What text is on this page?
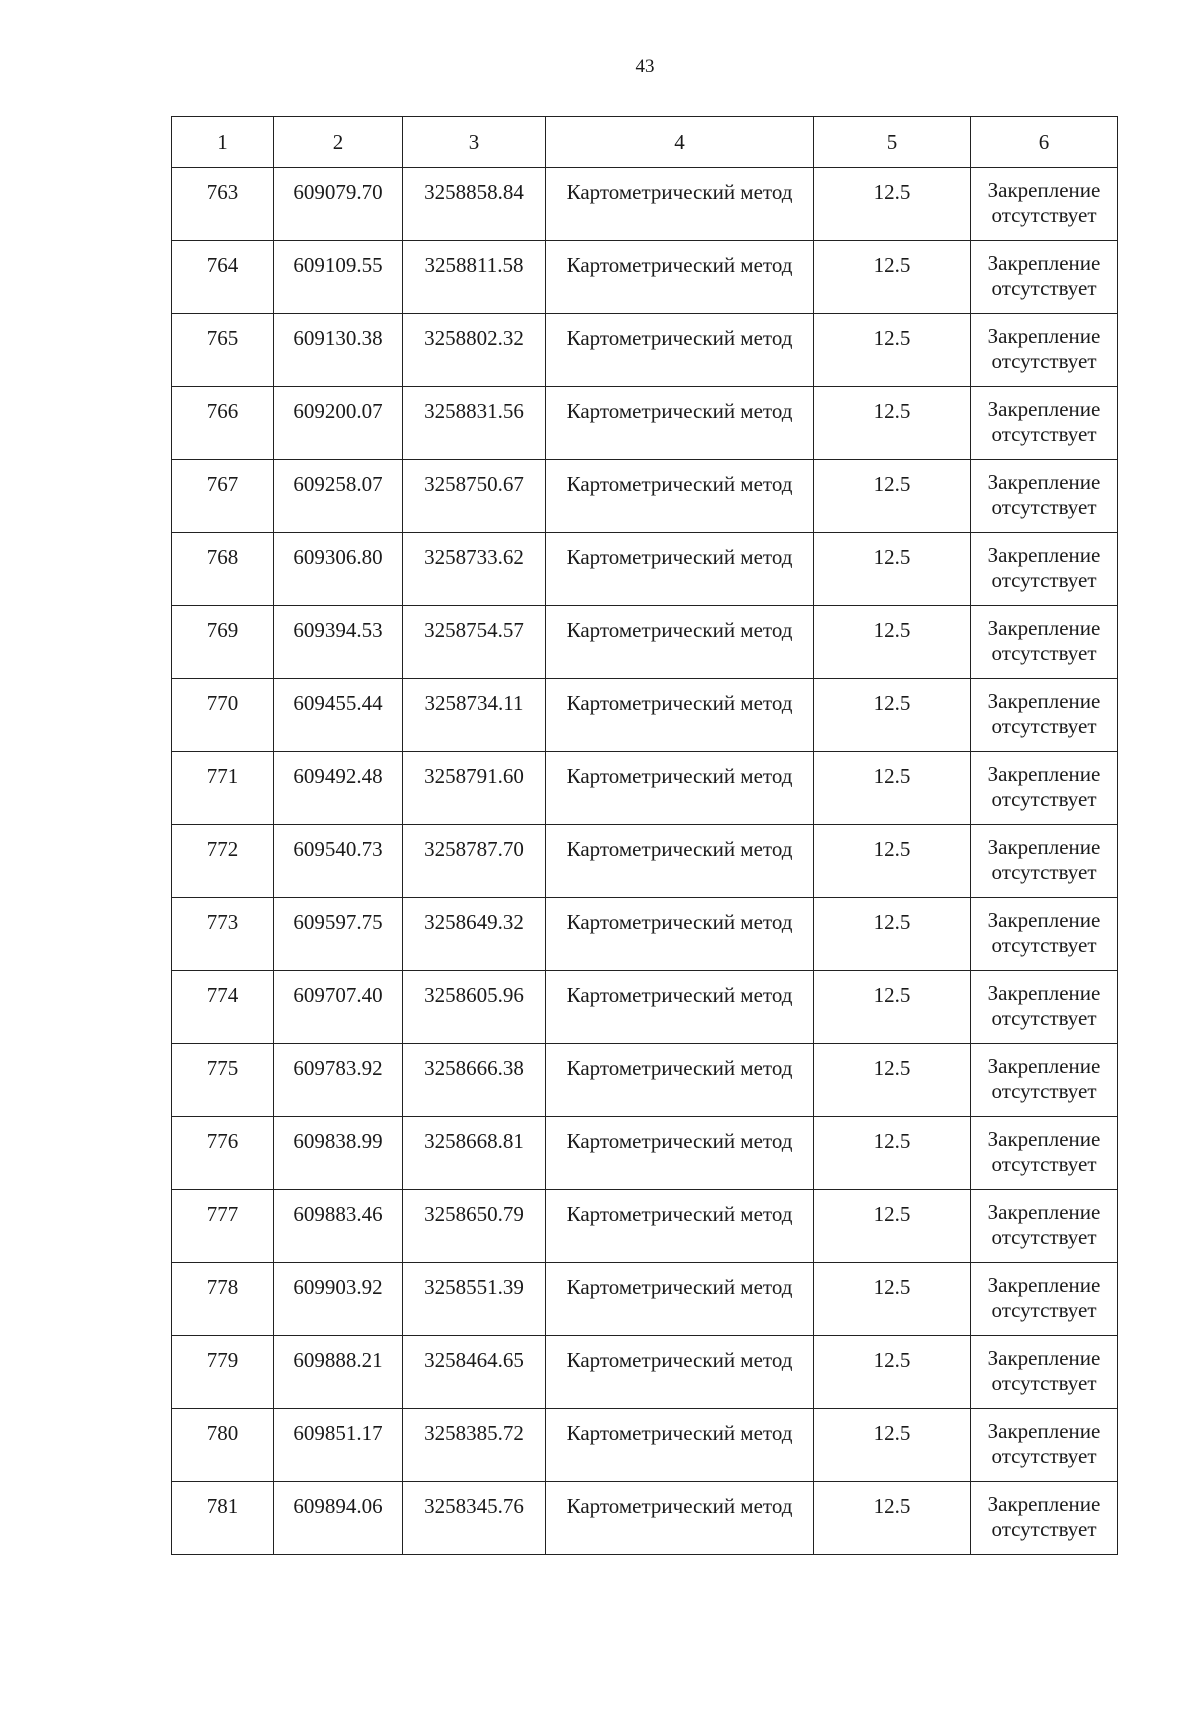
43
1	2	3	4	5	6
763	609079.70	3258858.84	Картометрический метод	12.5	Закрепление
отсутствует

764	609109.55	3258811.58	Картометрический метод	12.5	Закрепление
отсутствует

765	609130.38	3258802.32	Картометрический метод	12.5	Закрепление
отсутствует

766	609200.07	3258831.56	Картометрический метод	12.5	Закрепление
отсутствует

767	609258.07	3258750.67	Картометрический метод	12.5	Закрепление
отсутствует

768	609306.80	3258733.62	Картометрический метод	12.5	Закрепление
отсутствует

769	609394.53	3258754.57	Картометрический метод	12.5	Закрепление
отсутствует

770	609455.44	3258734.11	Картометрический метод	12.5	Закрепление
отсутствует

771	609492.48	3258791.60	Картометрический метод	12.5	Закрепление
отсутствует

772	609540.73	3258787.70	Картометрический метод	12.5	Закрепление
отсутствует

773	609597.75	3258649.32	Картометрический метод	12.5	Закрепление
отсутствует

774	609707.40	3258605.96	Картометрический метод	12.5	Закрепление
отсутствует

775	609783.92	3258666.38	Картометрический метод	12.5	Закрепление
отсутствует

776	609838.99	3258668.81	Картометрический метод	12.5	Закрепление
отсутствует

777	609883.46	3258650.79	Картометрический метод	12.5	Закрепление
отсутствует

778	609903.92	3258551.39	Картометрический метод	12.5	Закрепление
отсутствует

779	609888.21	3258464.65	Картометрический метод	12.5	Закрепление
отсутствует

780	609851.17	3258385.72	Картометрический метод	12.5	Закрепление
отсутствует

781	609894.06	3258345.76	Картометрический метод	12.5	Закрепление
отсутствует
